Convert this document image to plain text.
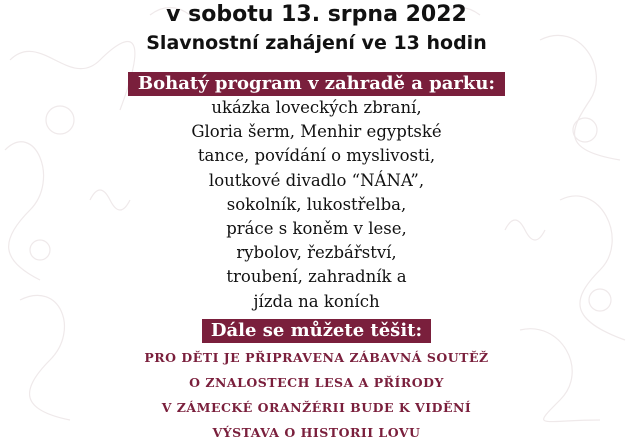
v sobotu 13. srpna 2022
Slavnostní zahájení ve 13 hodin
Bohatý program v zahradě a parku:
ukázka loveckých zbraní,
Gloria šerm, Menhir egyptské
tance, povídání o myslivosti,
loutkové divadlo “NÁNA”,
sokolník, lukostřelba,
práce s koněm v lese,
rybolov, řezbářství,
troubení, zahradník a
jízda na koních
Dále se můžete těšit:
PRO DĚTI JE PŘIPRAVENA ZÁBAVNÁ SOUTĚŽ
O ZNALOSTECH LESA A PŘÍRODY
V ZÁMECKÉ ORANŽÉRII BUDE K VIDĚNÍ
VÝSTAVA O HISTORII LOVU
